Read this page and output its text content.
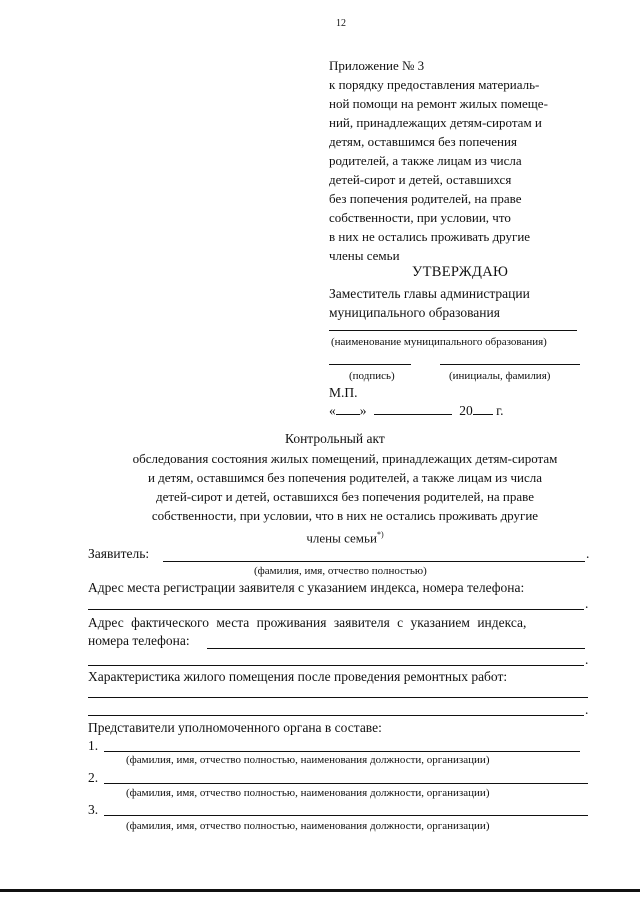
12
Приложение № 3
к порядку предоставления материаль-
ной помощи на ремонт жилых помеще-
ний, принадлежащих детям-сиротам и
детям, оставшимся без попечения
родителей, а также лицам из числа
детей-сирот и детей, оставшихся
без попечения родителей, на праве
собственности, при условии, что
в них не остались проживать другие
члены семьи
УТВЕРЖДАЮ
Заместитель главы администрации
муниципального образования
(наименование муниципального образования)
(подпись)	(инициалы, фамилия)
М.П.
« »	20 г.
Контрольный акт
обследования состояния жилых помещений, принадлежащих детям-сиротам
и детям, оставшимся без попечения родителей, а также лицам из числа
детей-сирот и детей, оставшихся без попечения родителей, на праве
собственности, при условии, что в них не остались проживать другие
члены семьи*)
Заявитель:	.
(фамилия, имя, отчество полностью)
Адрес места регистрации заявителя с указанием индекса, номера телефона:
.
Адрес фактического места проживания заявителя с указанием индекса,
номера телефона:
.
Характеристика жилого помещения после проведения ремонтных работ:
.
Представители уполномоченного органа в составе:
1.
(фамилия, имя, отчество полностью, наименования должности, организации)
2.
(фамилия, имя, отчество полностью, наименования должности, организации)
3.
(фамилия, имя, отчество полностью, наименования должности, организации)
